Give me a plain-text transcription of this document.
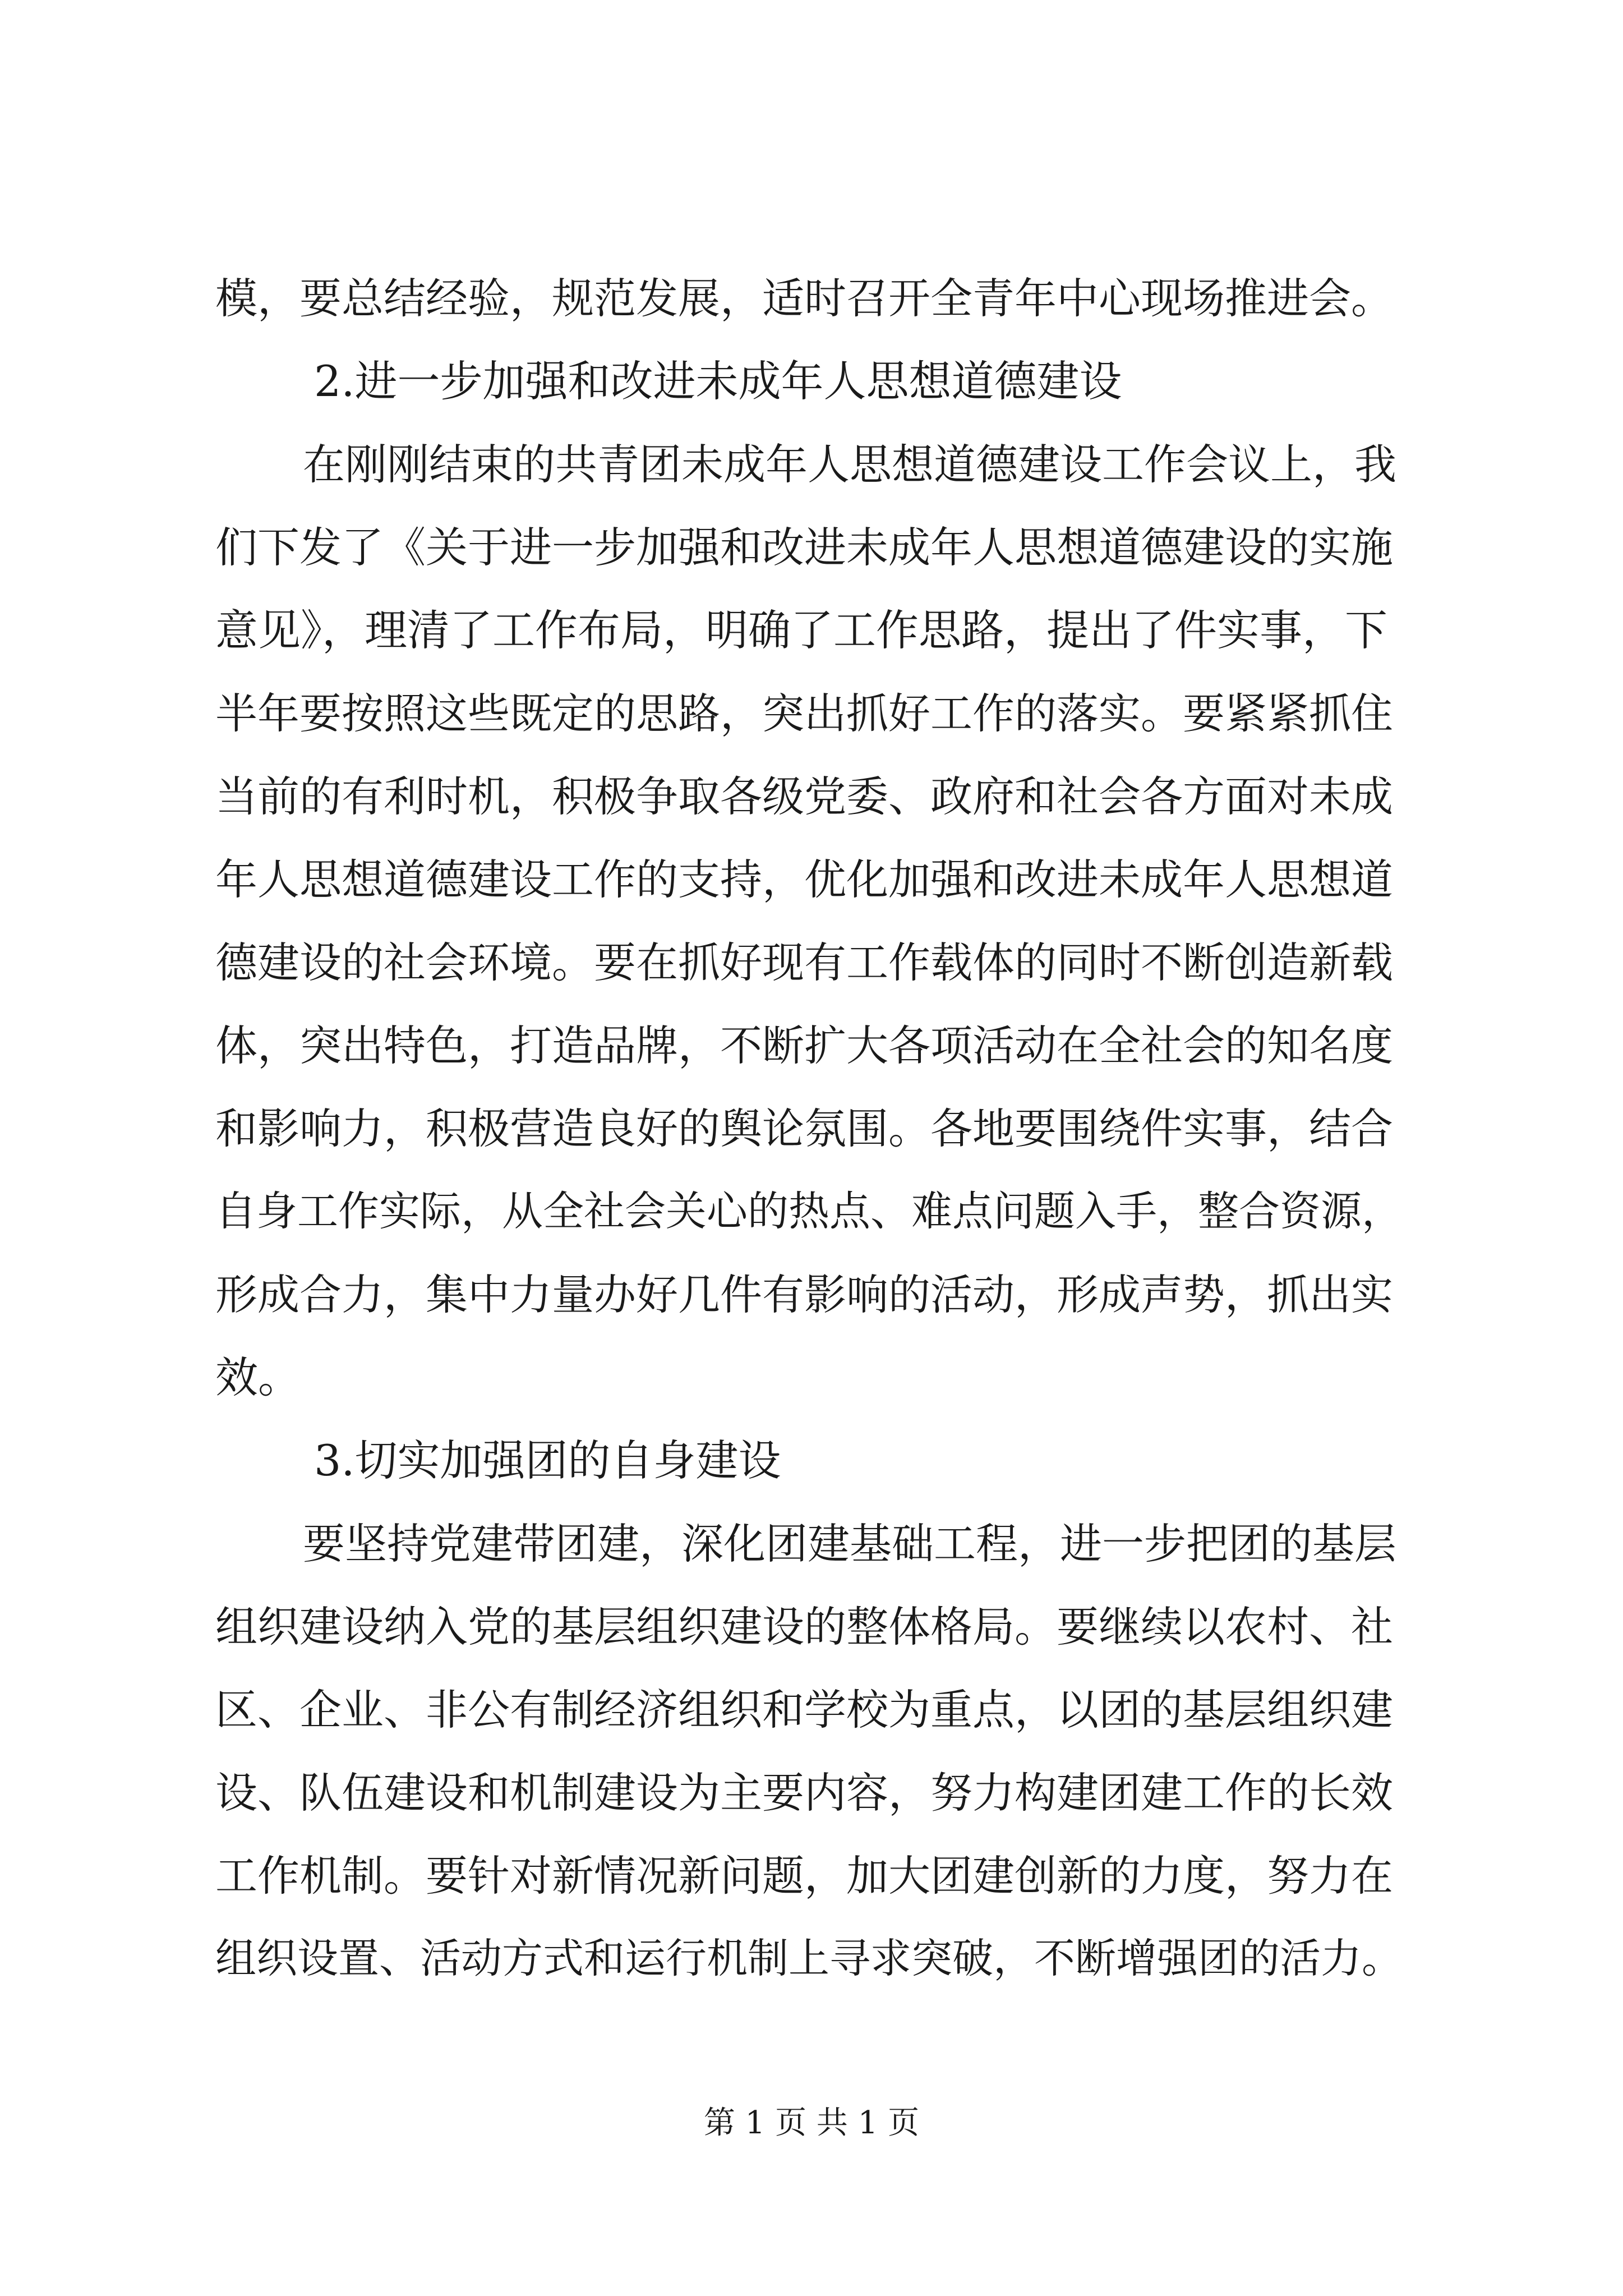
模，要总结经验，规范发展，适时召开全青年中心现场推进会。
2.进一步加强和改进未成年人思想道德建设
在刚刚结束的共青团未成年人思想道德建设工作会议上，我
们下发了《关于进一步加强和改进未成年人思想道德建设的实施
意见》，理清了工作布局，明确了工作思路，提出了件实事，下
半年要按照这些既定的思路，突出抓好工作的落实。要紧紧抓住
当前的有利时机，积极争取各级党委、政府和社会各方面对未成
年人思想道德建设工作的支持，优化加强和改进未成年人思想道
德建设的社会环境。要在抓好现有工作载体的同时不断创造新载
体，突出特色，打造品牌，不断扩大各项活动在全社会的知名度
和影响力，积极营造良好的舆论氛围。各地要围绕件实事，结合
自身工作实际，从全社会关心的热点、难点问题入手，整合资源，
形成合力，集中力量办好几件有影响的活动，形成声势，抓出实
效。
3.切实加强团的自身建设
要坚持党建带团建，深化团建基础工程，进一步把团的基层
组织建设纳入党的基层组织建设的整体格局。要继续以农村、社
区、企业、非公有制经济组织和学校为重点，以团的基层组织建
设、队伍建设和机制建设为主要内容，努力构建团建工作的长效
工作机制。要针对新情况新问题，加大团建创新的力度，努力在
组织设置、活动方式和运行机制上寻求突破，不断增强团的活力。
第 1 页 共 1 页
